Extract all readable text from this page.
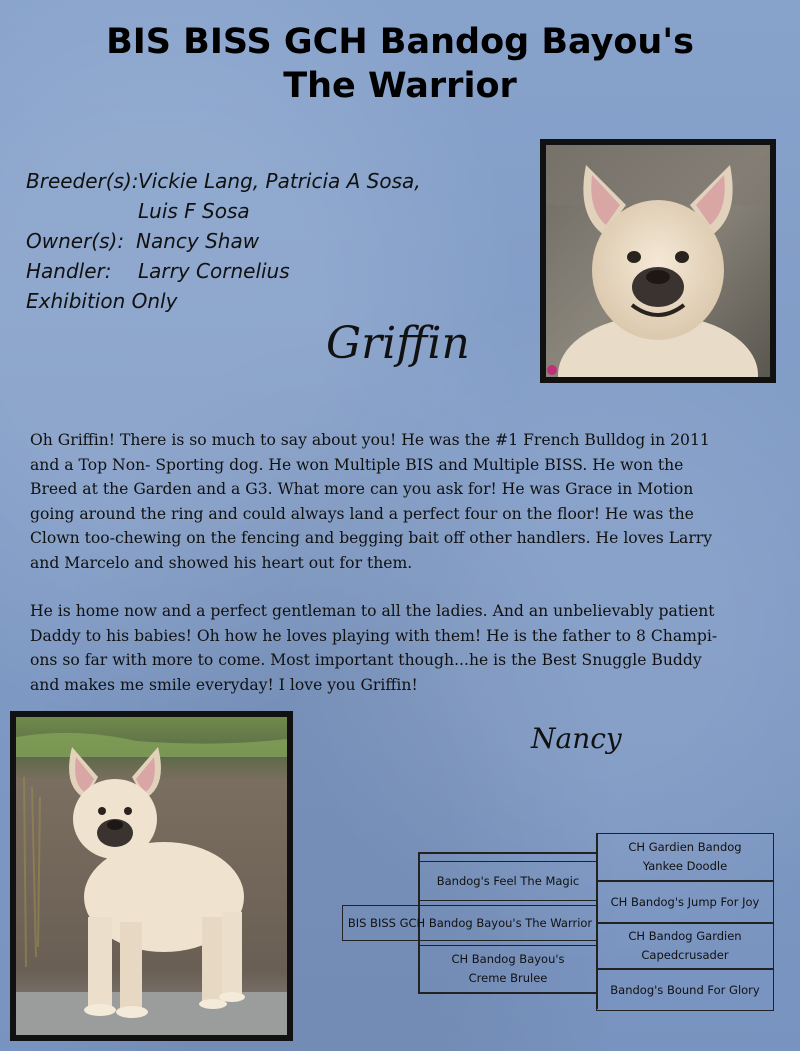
BIS BISS GCH Bandog Bayou's
The Warrior
Breeder(s): Vickie Lang, Patricia A Sosa,
Luis F Sosa
Owner(s): Nancy Shaw
Handler:	Larry Cornelius
Exhibition Only
Griffin

Oh Griffin! There is so much to say about you! He was the #1 French Bulldog in 2011
and a Top Non- Sporting dog. He won Multiple BIS and Multiple BISS. He won the
Breed at the Garden and a G3. What more can you ask for! He was Grace in Motion
going around the ring and could always land a perfect four on the floor! He was the
Clown too-chewing on the fencing and begging bait off other handlers. He loves Larry
and Marcelo and showed his heart out for them.

He is home now and a perfect gentleman to all the ladies. And an unbelievably patient
Daddy to his babies! Oh how he loves playing with them! He is the father to 8 Champi-
ons so far with more to come. Most important though...he is the Best Snuggle Buddy
and makes me smile everyday! I love you Griffin!

Nancy
Bandog's Feel The Magic
BIS BISS GCH Bandog Bayou's The Warrior
CH Bandog Bayou's
Creme Brulee
CH Gardien Bandog
Yankee Doodle
CH Bandog's Jump For Joy
CH Bandog Gardien
Capedcrusader
Bandog's Bound For Glory
